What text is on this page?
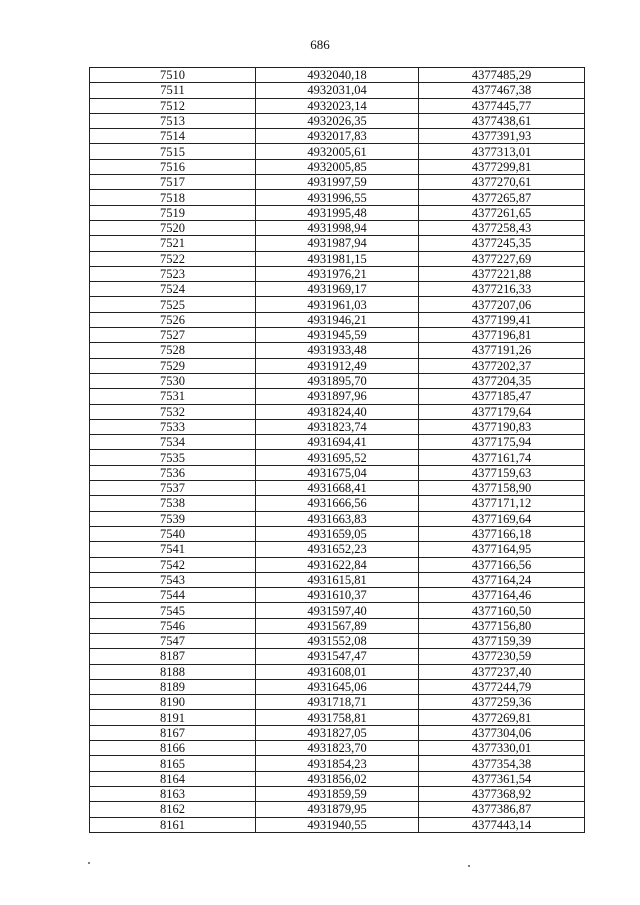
686
7510	4932040,18	4377485,29
7511	4932031,04	4377467,38
7512	4932023,14	4377445,77
7513	4932026,35	4377438,61
7514	4932017,83	4377391,93
7515	4932005,61	4377313,01
7516	4932005,85	4377299,81
7517	4931997,59	4377270,61
7518	4931996,55	4377265,87
7519	4931995,48	4377261,65
7520	4931998,94	4377258,43
7521	4931987,94	4377245,35
7522	4931981,15	4377227,69
7523	4931976,21	4377221,88
7524	4931969,17	4377216,33
7525	4931961,03	4377207,06
7526	4931946,21	4377199,41
7527	4931945,59	4377196,81
7528	4931933,48	4377191,26
7529	4931912,49	4377202,37
7530	4931895,70	4377204,35
7531	4931897,96	4377185,47
7532	4931824,40	4377179,64
7533	4931823,74	4377190,83
7534	4931694,41	4377175,94
7535	4931695,52	4377161,74
7536	4931675,04	4377159,63
7537	4931668,41	4377158,90
7538	4931666,56	4377171,12
7539	4931663,83	4377169,64
7540	4931659,05	4377166,18
7541	4931652,23	4377164,95
7542	4931622,84	4377166,56
7543	4931615,81	4377164,24
7544	4931610,37	4377164,46
7545	4931597,40	4377160,50
7546	4931567,89	4377156,80
7547	4931552,08	4377159,39
8187	4931547,47	4377230,59
8188	4931608,01	4377237,40
8189	4931645,06	4377244,79
8190	4931718,71	4377259,36
8191	4931758,81	4377269,81
8167	4931827,05	4377304,06
8166	4931823,70	4377330,01
8165	4931854,23	4377354,38
8164	4931856,02	4377361,54
8163	4931859,59	4377368,92
8162	4931879,95	4377386,87
8161	4931940,55	4377443,14
